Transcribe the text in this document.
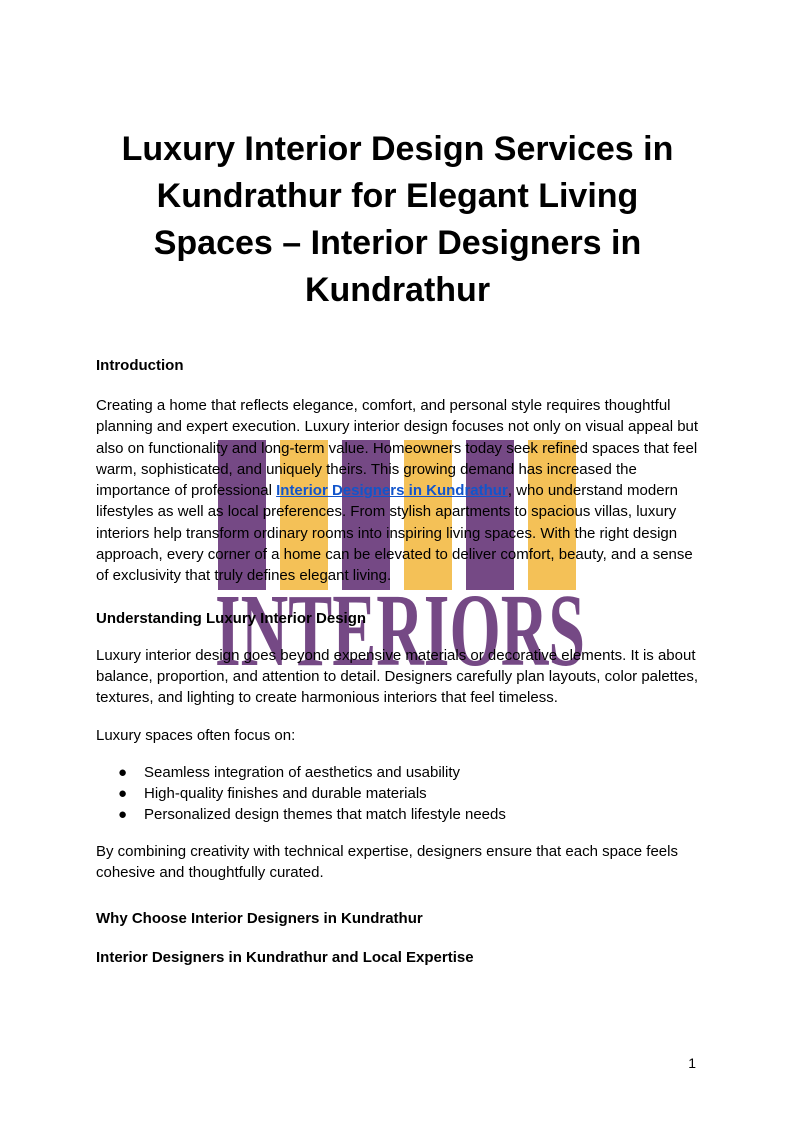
INTERIORS
Luxury Interior Design Services in Kundrathur for Elegant Living Spaces – Interior Designers in Kundrathur

Introduction

Creating a home that reflects elegance, comfort, and personal style requires thoughtful planning and expert execution. Luxury interior design focuses not only on visual appeal but also on functionality and long-term value. Homeowners today seek refined spaces that feel warm, sophisticated, and uniquely theirs. This growing demand has increased the importance of professional Interior Designers in Kundrathur, who understand modern lifestyles as well as local preferences. From stylish apartments to spacious villas, luxury interiors help transform ordinary rooms into inspiring living spaces. With the right design approach, every corner of a home can be elevated to deliver comfort, beauty, and a sense of exclusivity that truly defines elegant living.

Understanding Luxury Interior Design

Luxury interior design goes beyond expensive materials or decorative elements. It is about balance, proportion, and attention to detail. Designers carefully plan layouts, color palettes, textures, and lighting to create harmonious interiors that feel timeless.

Luxury spaces often focus on:

● Seamless integration of aesthetics and usability
● High-quality finishes and durable materials
● Personalized design themes that match lifestyle needs

By combining creativity with technical expertise, designers ensure that each space feels cohesive and thoughtfully curated.

Why Choose Interior Designers in Kundrathur

Interior Designers in Kundrathur and Local Expertise

1
